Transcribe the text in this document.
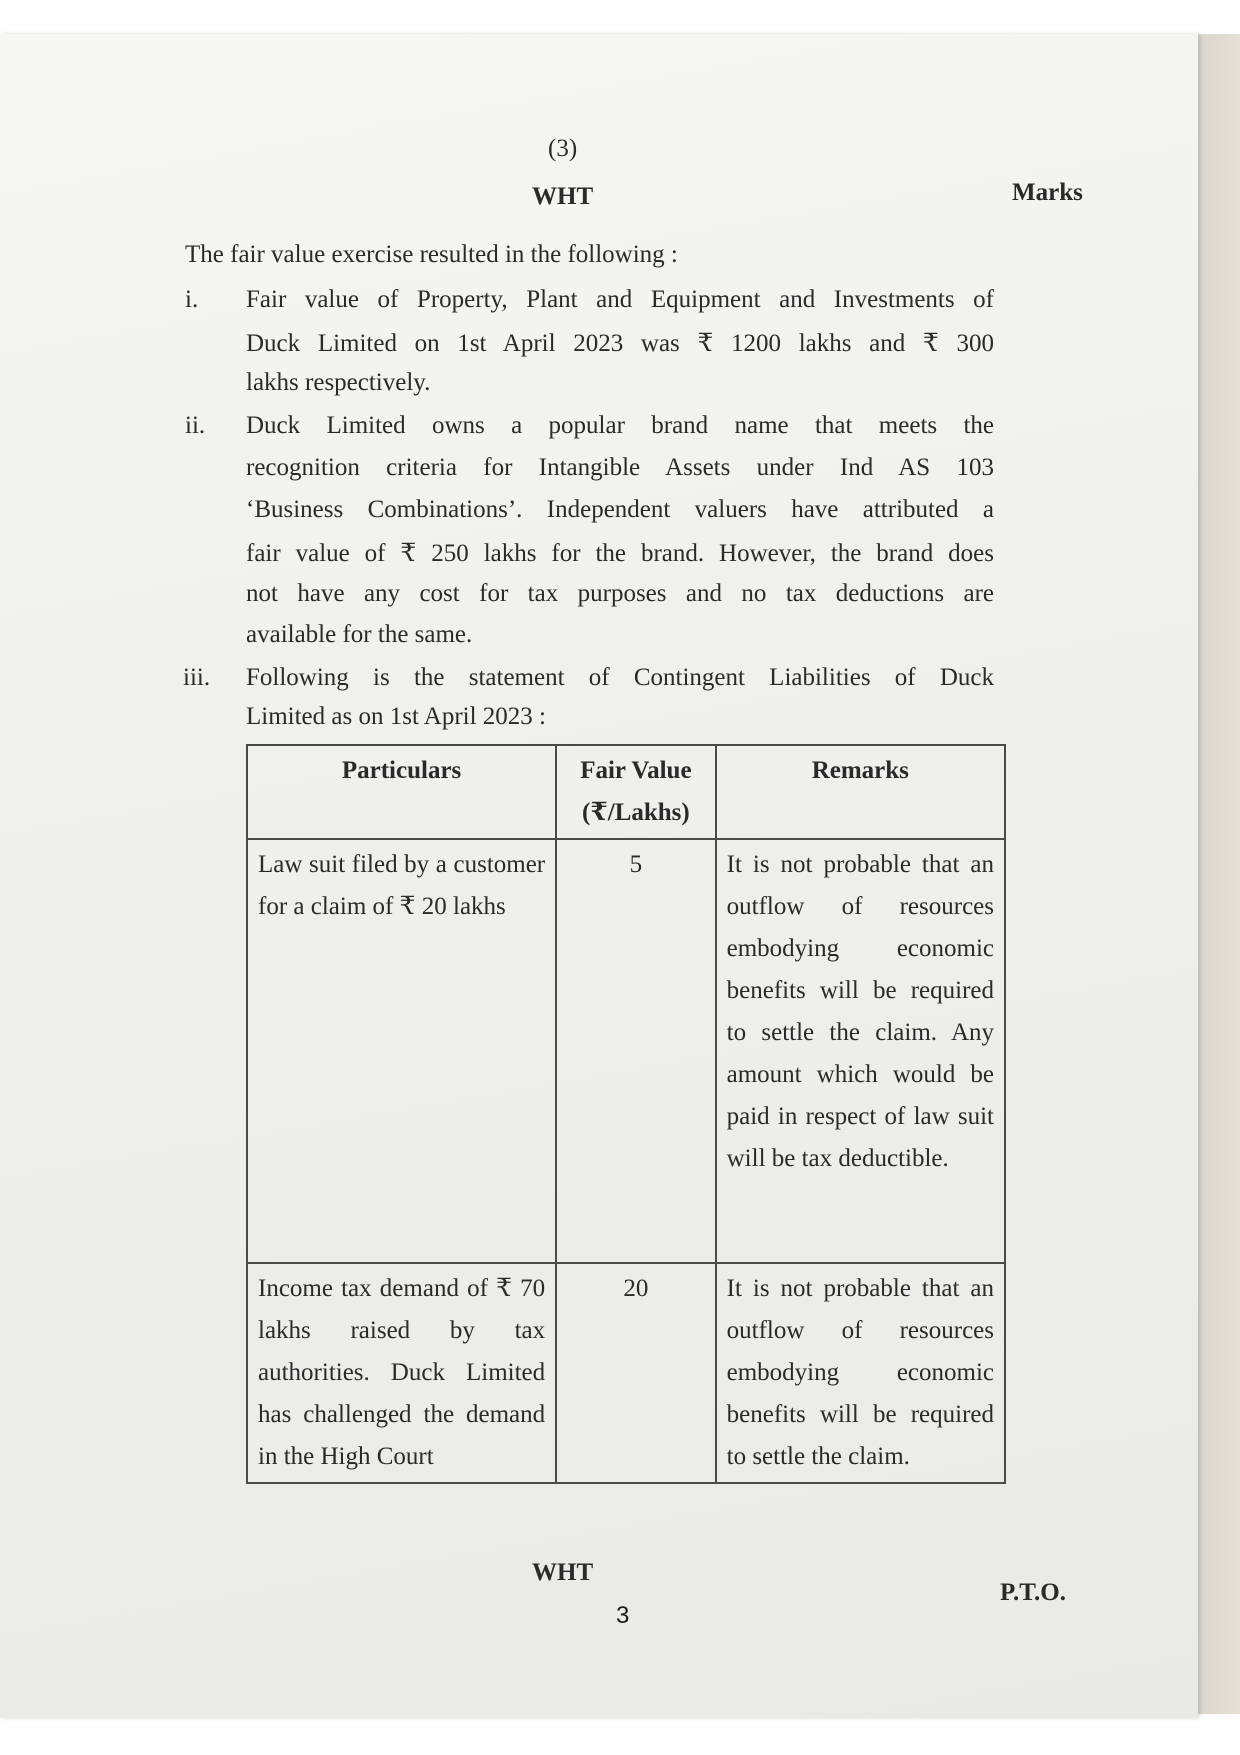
(3)
WHT	Marks
The fair value exercise resulted in the following :
i. Fair value of Property, Plant and Equipment and Investments of
Duck Limited on 1st April 2023 was ₹ 1200 lakhs and ₹ 300
lakhs respectively.
ii. Duck Limited owns a popular brand name that meets the
recognition criteria for Intangible Assets under Ind AS 103
‘Business Combinations’. Independent valuers have attributed a
fair value of ₹ 250 lakhs for the brand. However, the brand does
not have any cost for tax purposes and no tax deductions are
available for the same.
iii. Following is the statement of Contingent Liabilities of Duck
Limited as on 1st April 2023 :
Particulars	Fair Value (₹/Lakhs)	Remarks
Law suit filed by a customer for a claim of ₹ 20 lakhs	5	It is not probable that an outflow of resources embodying economic benefits will be required to settle the claim. Any amount which would be paid in respect of law suit will be tax deductible.
Income tax demand of ₹ 70 lakhs raised by tax authorities. Duck Limited has challenged the demand in the High Court	20	It is not probable that an outflow of resources embodying economic benefits will be required to settle the claim.
WHT
3
P.T.O.
